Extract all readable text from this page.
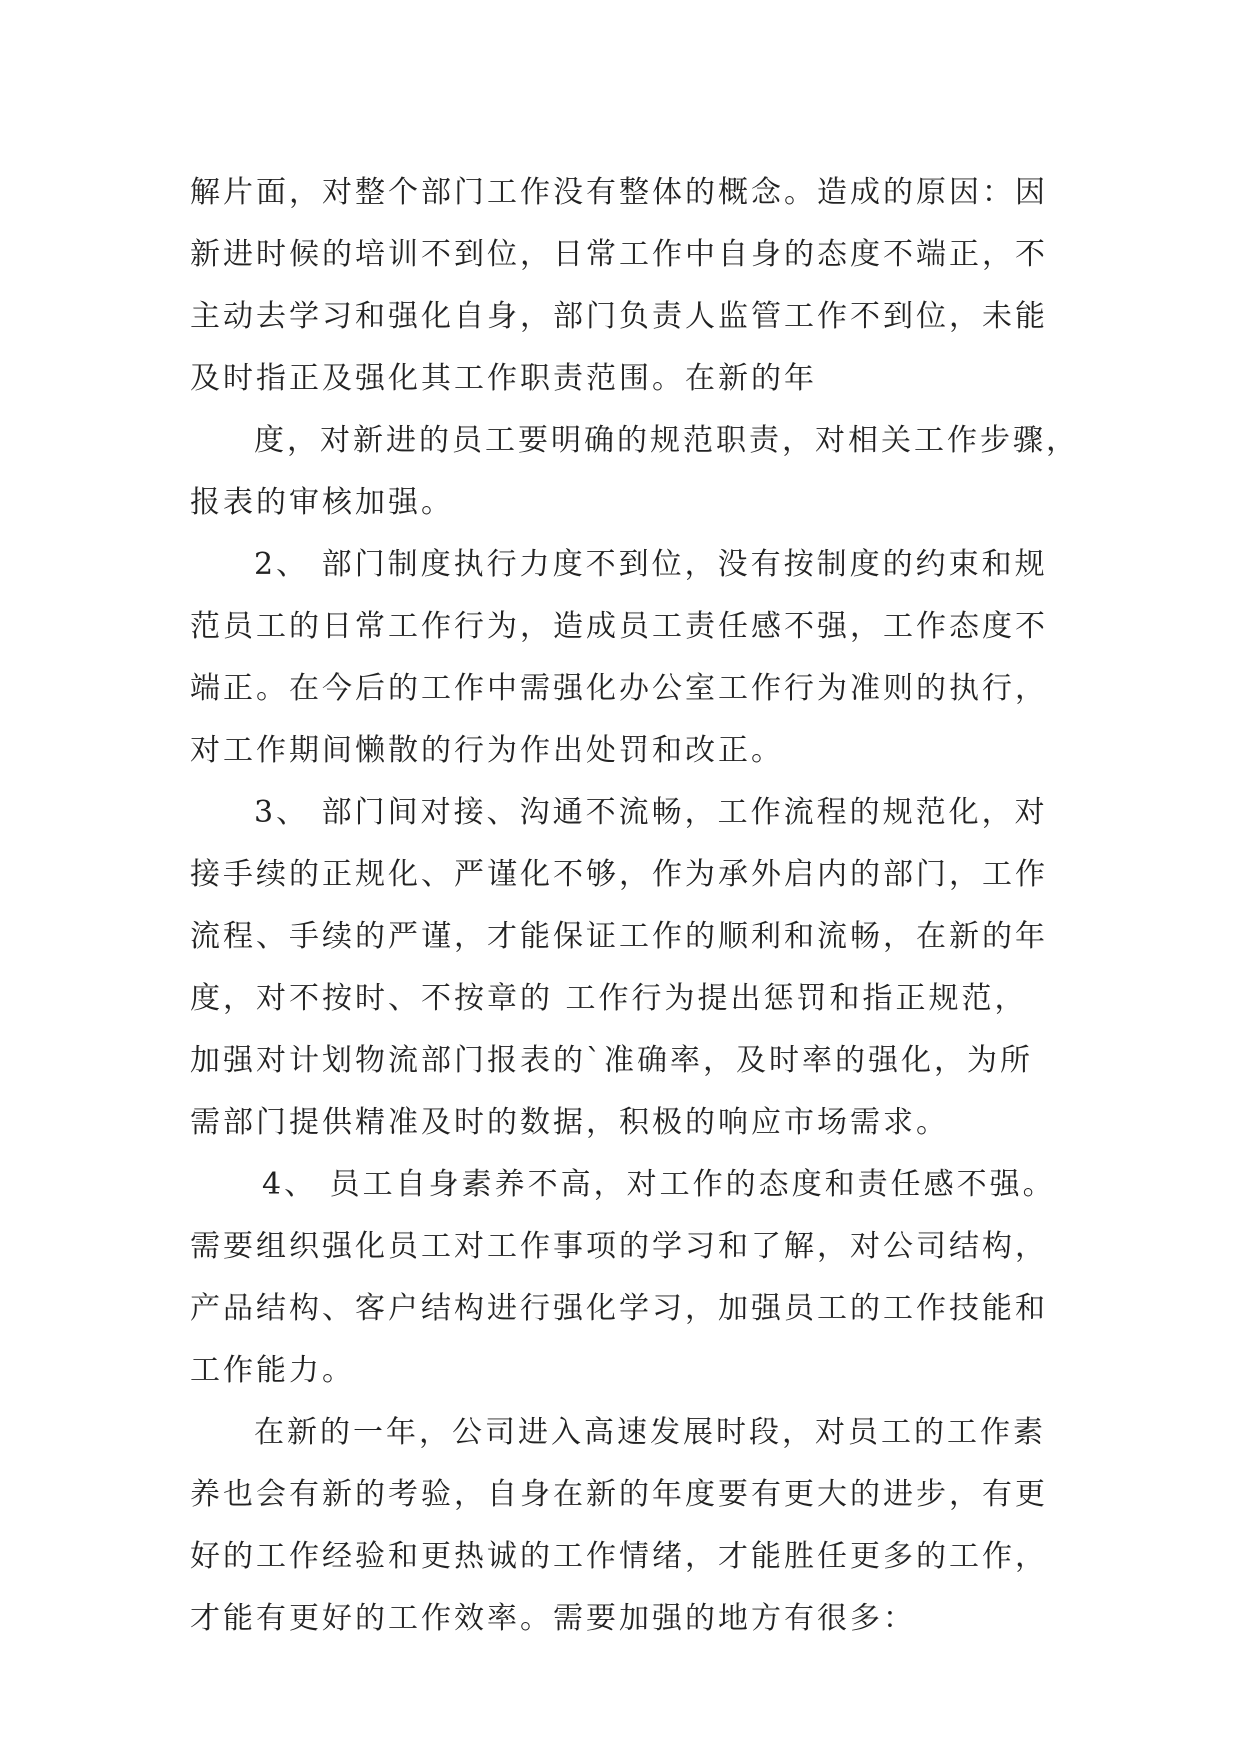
解片面，对整个部门工作没有整体的概念。造成的原因：因
新进时候的培训不到位，日常工作中自身的态度不端正，不
主动去学习和强化自身，部门负责人监管工作不到位，未能
及时指正及强化其工作职责范围。在新的年
度，对新进的员工要明确的规范职责，对相关工作步骤，
报表的审核加强。
2、 部门制度执行力度不到位，没有按制度的约束和规
范员工的日常工作行为，造成员工责任感不强，工作态度不
端正。在今后的工作中需强化办公室工作行为准则的执行，
对工作期间懒散的行为作出处罚和改正。
3、 部门间对接、沟通不流畅，工作流程的规范化，对
接手续的正规化、严谨化不够，作为承外启内的部门，工作
流程、手续的严谨，才能保证工作的顺利和流畅，在新的年
度，对不按时、不按章的 工作行为提出惩罚和指正规范，
加强对计划物流部门报表的`准确率，及时率的强化，为所
需部门提供精准及时的数据，积极的响应市场需求。
4、 员工自身素养不高，对工作的态度和责任感不强。
需要组织强化员工对工作事项的学习和了解，对公司结构，
产品结构、客户结构进行强化学习，加强员工的工作技能和
工作能力。
在新的一年，公司进入高速发展时段，对员工的工作素
养也会有新的考验，自身在新的年度要有更大的进步，有更
好的工作经验和更热诚的工作情绪，才能胜任更多的工作，
才能有更好的工作效率。需要加强的地方有很多：
